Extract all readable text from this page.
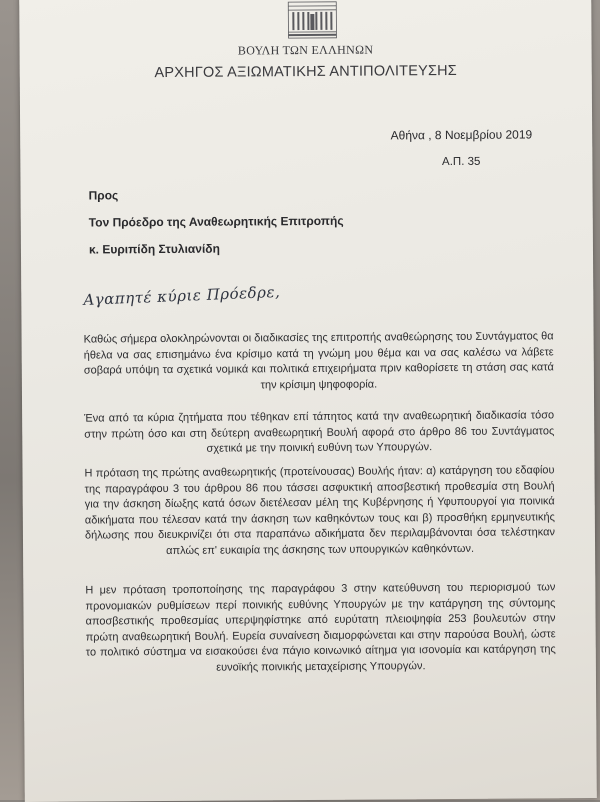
ΒΟΥΛΗ ΤΩΝ ΕΛΛΗΝΩΝ
ΑΡΧΗΓΟΣ ΑΞΙΩΜΑΤΙΚΗΣ ΑΝΤΙΠΟΛΙΤΕΥΣΗΣ
Αθήνα , 8 Νοεμβρίου 2019
Α.Π. 35
Προς
Τον Πρόεδρο της Αναθεωρητικής Επιτροπής
κ. Ευριπίδη Στυλιανίδη
Αγαπητέ κύριε Πρόεδρε,

Καθώς σήμερα ολοκληρώνονται οι διαδικασίες της επιτροπής αναθεώρησης του Συντάγματος θα ήθελα να σας επισημάνω ένα κρίσιμο κατά τη γνώμη μου θέμα και να σας καλέσω να λάβετε σοβαρά υπόψη τα σχετικά νομικά και πολιτικά επιχειρήματα πριν καθορίσετε τη στάση σας κατά την κρίσιμη ψηφοφορία.

Ένα από τα κύρια ζητήματα που τέθηκαν επί τάπητος κατά την αναθεωρητική διαδικασία τόσο στην πρώτη όσο και στη δεύτερη αναθεωρητική Βουλή αφορά στο άρθρο 86 του Συντάγματος σχετικά με την ποινική ευθύνη των Υπουργών.

Η πρόταση της πρώτης αναθεωρητικής (προτείνουσας) Βουλής ήταν: α) κατάργηση του εδαφίου της παραγράφου 3 του άρθρου 86 που τάσσει ασφυκτική αποσβεστική προθεσμία στη Βουλή για την άσκηση δίωξης κατά όσων διετέλεσαν μέλη της Κυβέρνησης ή Υφυπουργοί για ποινικά αδικήματα που τέλεσαν κατά την άσκηση των καθηκόντων τους και β) προσθήκη ερμηνευτικής δήλωσης που διευκρινίζει ότι στα παραπάνω αδικήματα δεν περιλαμβάνονται όσα τελέστηκαν απλώς επ' ευκαιρία της άσκησης των υπουργικών καθηκόντων.

Η μεν πρόταση τροποποίησης της παραγράφου 3 στην κατεύθυνση του περιορισμού των προνομιακών ρυθμίσεων περί ποινικής ευθύνης Υπουργών με την κατάργηση της σύντομης αποσβεστικής προθεσμίας υπερψηφίστηκε από ευρύτατη πλειοψηφία 253 βουλευτών στην πρώτη αναθεωρητική Βουλή. Ευρεία συναίνεση διαμορφώνεται και στην παρούσα Βουλή, ώστε το πολιτικό σύστημα να εισακούσει ένα πάγιο κοινωνικό αίτημα για ισονομία και κατάργηση της ευνοϊκής ποινικής μεταχείρισης Υπουργών.
